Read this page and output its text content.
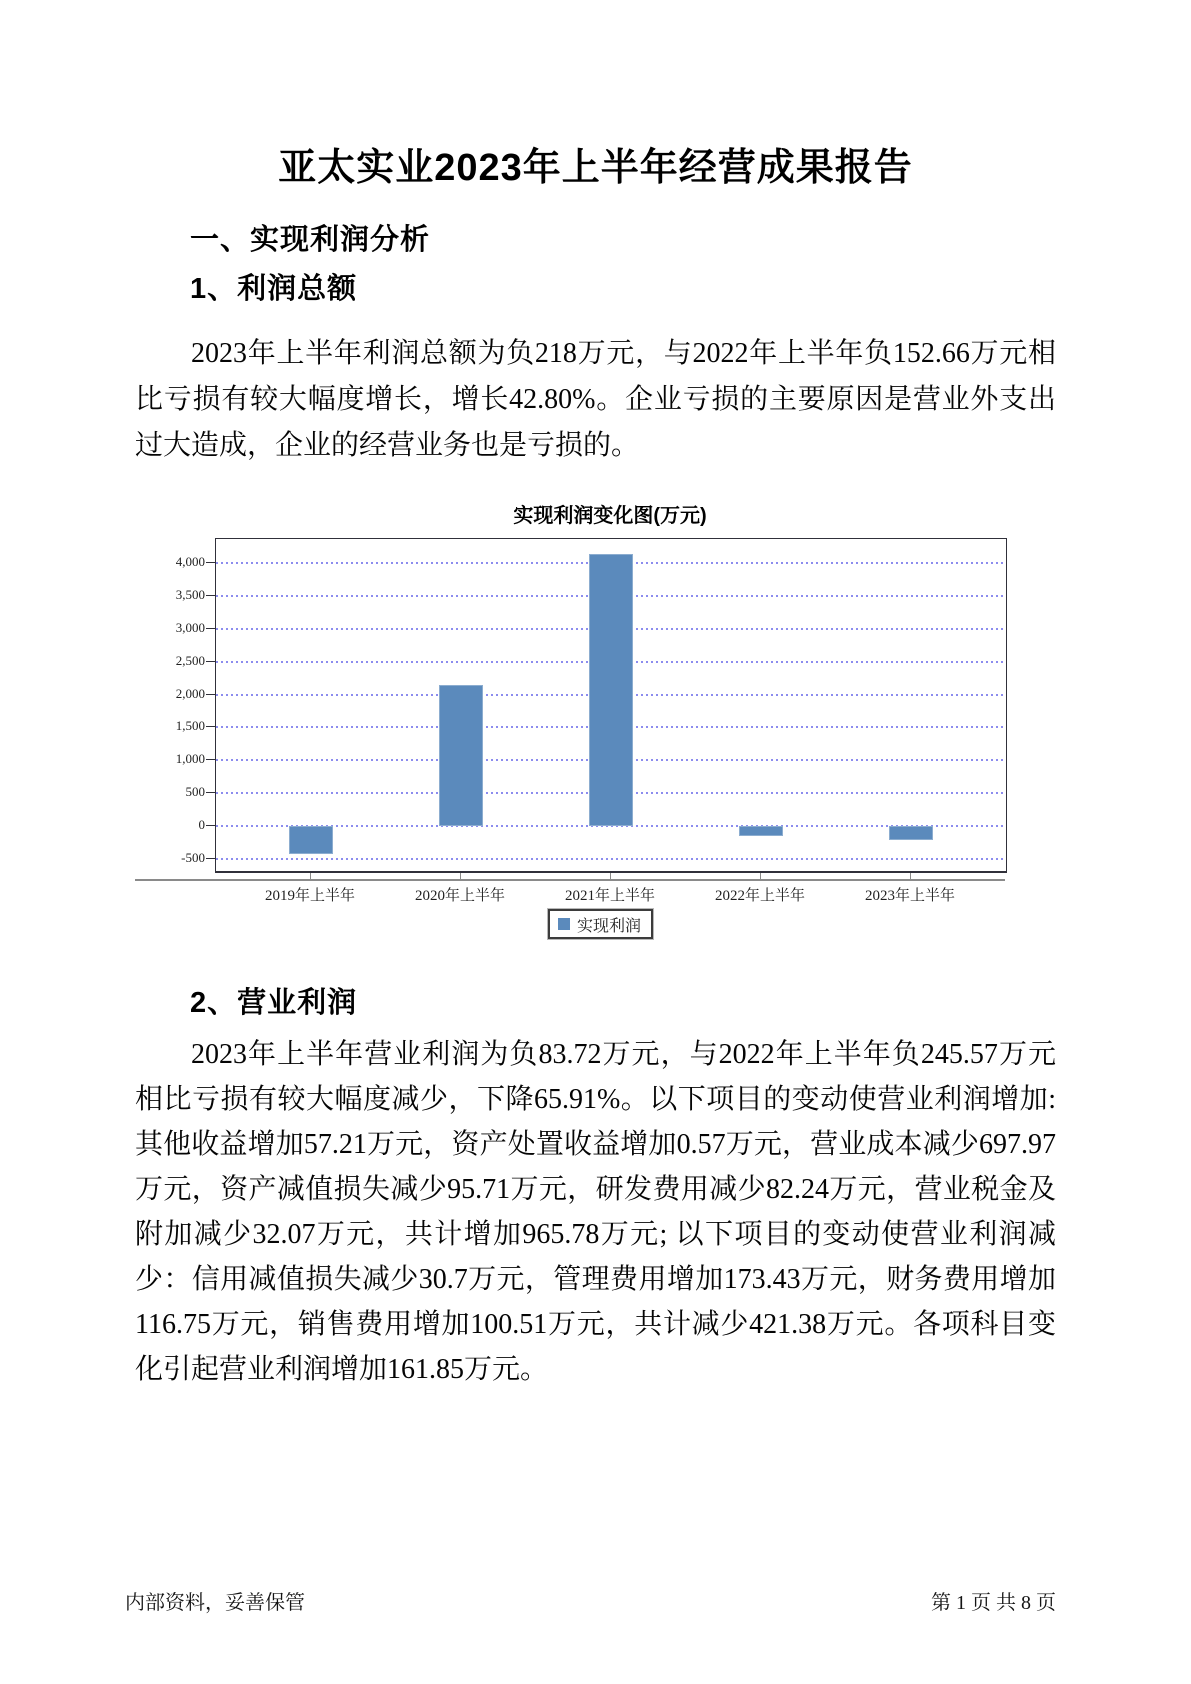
亚太实业2023年上半年经营成果报告
一、实现利润分析
1、利润总额

2023年上半年利润总额为负218万元，与2022年上半年负152.66万元相比亏损有较大幅度增长，增长42.80%。企业亏损的主要原因是营业外支出过大造成，企业的经营业务也是亏损的。

实现利润变化图(万元)
-500
0
500
1,000
1,500
2,000
2,500
3,000
3,500
4,000
2019年上半年	2020年上半年	2021年上半年	2022年上半年	2023年上半年
实现利润
2、营业利润

2023年上半年营业利润为负83.72万元，与2022年上半年负245.57万元相比亏损有较大幅度减少，下降65.91%。以下项目的变动使营业利润增加:其他收益增加57.21万元，资产处置收益增加0.57万元，营业成本减少697.97万元，资产减值损失减少95.71万元，研发费用减少82.24万元，营业税金及附加减少32.07万元，共计增加965.78万元; 以下项目的变动使营业利润减少：信用减值损失减少30.7万元，管理费用增加173.43万元，财务费用增加116.75万元，销售费用增加100.51万元，共计减少421.38万元。各项科目变化引起营业利润增加161.85万元。

内部资料，妥善保管	第 1 页 共 8 页
